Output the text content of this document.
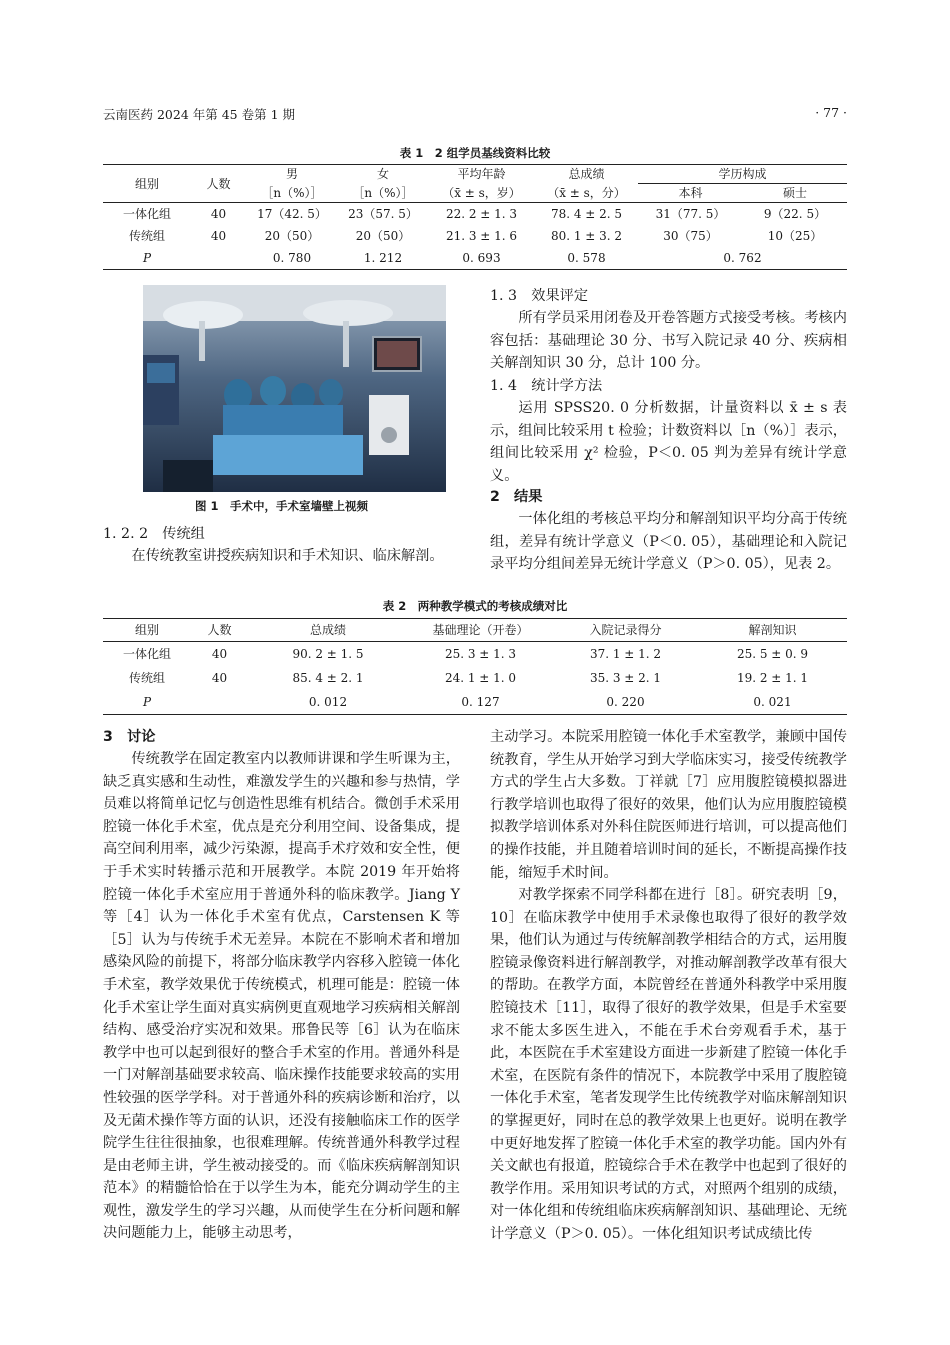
云南医药 2024 年第 45 卷第 1 期	· 77 ·
表 1　2 组学员基线资料比较
组别	人数	男	女	平均年龄	总成绩	学历构成	
		［n（%）］	［n（%）］	（x̄ ± s，岁）	（x̄ ± s，分）	本科	硕士
一体化组	40	17（42. 5）	23（57. 5）	22. 2 ± 1. 3	78. 4 ± 2. 5	31（77. 5）	9（22. 5）
传统组	40	20（50）	20（50）	21. 3 ± 1. 6	80. 1 ± 3. 2	30（75）	10（25）
P		0. 780	1. 212	0. 693	0. 578	0. 762	
图 1　手术中，手术室墙壁上视频
1. 2. 2　传统组
在传统教室讲授疾病知识和手术知识、临床解剖。
1. 3　效果评定
所有学员采用闭卷及开卷答题方式接受考核。考核内容包括：基础理论 30 分、书写入院记录 40 分、疾病相关解剖知识 30 分，总计 100 分。
1. 4　统计学方法
运用 SPSS20. 0 分析数据，计量资料以 x̄ ± s 表示，组间比较采用 t 检验；计数资料以［n（%）］表示，组间比较采用 χ² 检验，P＜0. 05 判为差异有统计学意义。
2　结果
一体化组的考核总平均分和解剖知识平均分高于传统组，差异有统计学意义（P＜0. 05），基础理论和入院记录平均分组间差异无统计学意义（P＞0. 05），见表 2。
表 2　两种教学模式的考核成绩对比
组别	人数	总成绩	基础理论（开卷）	入院记录得分	解剖知识
一体化组	40	90. 2 ± 1. 5	25. 3 ± 1. 3	37. 1 ± 1. 2	25. 5 ± 0. 9
传统组	40	85. 4 ± 2. 1	24. 1 ± 1. 0	35. 3 ± 2. 1	19. 2 ± 1. 1
P		0. 012	0. 127	0. 220	0. 021
3　讨论
传统教学在固定教室内以教师讲课和学生听课为主，缺乏真实感和生动性，难激发学生的兴趣和参与热情，学员难以将简单记忆与创造性思维有机结合。微创手术采用腔镜一体化手术室，优点是充分利用空间、设备集成，提高空间利用率，减少污染源，提高手术疗效和安全性，便于手术实时转播示范和开展教学。本院 2019 年开始将腔镜一体化手术室应用于普通外科的临床教学。Jiang Y 等［4］认为一体化手术室有优点，Carstensen K 等［5］认为与传统手术无差异。本院在不影响术者和增加感染风险的前提下，将部分临床教学内容移入腔镜一体化手术室，教学效果优于传统模式，机理可能是：腔镜一体化手术室让学生面对真实病例更直观地学习疾病相关解剖结构、感受治疗实况和效果。邢鲁民等［6］认为在临床教学中也可以起到很好的整合手术室的作用。普通外科是一门对解剖基础要求较高、临床操作技能要求较高的实用性较强的医学学科。对于普通外科的疾病诊断和治疗，以及无菌术操作等方面的认识，还没有接触临床工作的医学院学生往往很抽象，也很难理解。传统普通外科教学过程是由老师主讲，学生被动接受的。而《临床疾病解剖知识范本》的精髓恰恰在于以学生为本，能充分调动学生的主观性，激发学生的学习兴趣，从而使学生在分析问题和解决问题能力上，能够主动思考，
主动学习。本院采用腔镜一体化手术室教学，兼顾中国传统教育，学生从开始学习到大学临床实习，接受传统教学方式的学生占大多数。丁祥就［7］应用腹腔镜模拟器进行教学培训也取得了很好的效果，他们认为应用腹腔镜模拟教学培训体系对外科住院医师进行培训，可以提高他们的操作技能，并且随着培训时间的延长，不断提高操作技能，缩短手术时间。
对教学探索不同学科都在进行［8］。研究表明［9，10］在临床教学中使用手术录像也取得了很好的教学效果，他们认为通过与传统解剖教学相结合的方式，运用腹腔镜录像资料进行解剖教学，对推动解剖教学改革有很大的帮助。在教学方面，本院曾经在普通外科教学中采用腹腔镜技术［11］，取得了很好的教学效果，但是手术室要求不能太多医生进入，不能在手术台旁观看手术，基于此，本医院在手术室建设方面进一步新建了腔镜一体化手术室，在医院有条件的情况下，本院教学中采用了腹腔镜一体化手术室，笔者发现学生比传统教学对临床解剖知识的掌握更好，同时在总的教学效果上也更好。说明在教学中更好地发挥了腔镜一体化手术室的教学功能。国内外有关文献也有报道，腔镜综合手术在教学中也起到了很好的教学作用。采用知识考试的方式，对照两个组别的成绩，对一体化组和传统组临床疾病解剖知识、基础理论、无统计学意义（P＞0. 05）。一体化组知识考试成绩比传
